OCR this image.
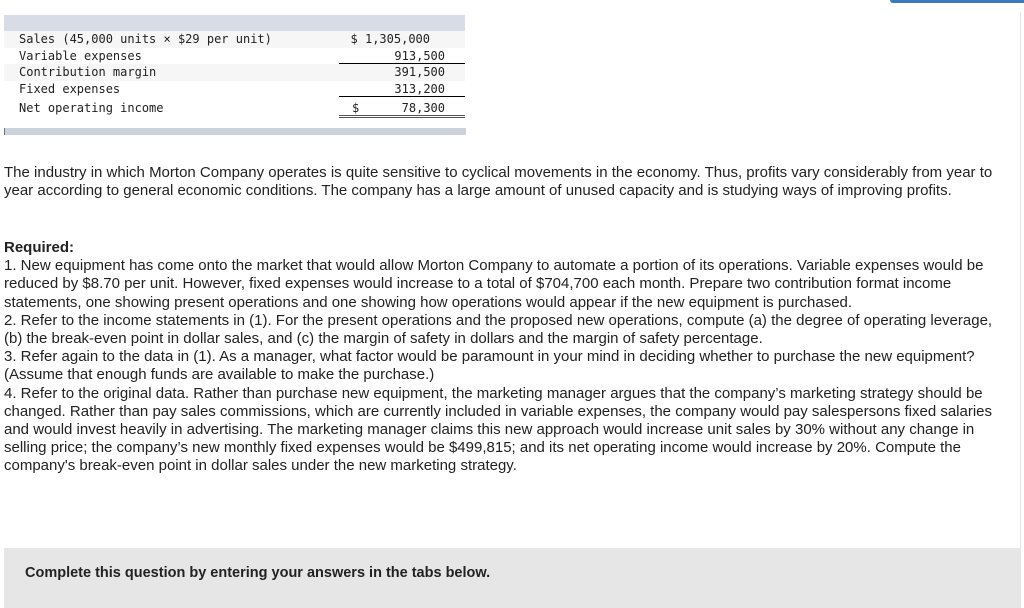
Sales (45,000 units × $29 per unit)	$ 1,305,000
Variable expenses	913,500
Contribution margin	391,500
Fixed expenses	313,200
Net operating income	$	78,300
The industry in which Morton Company operates is quite sensitive to cyclical movements in the economy. Thus, profits vary considerably from year to year according to general economic conditions. The company has a large amount of unused capacity and is studying ways of improving profits.
Required:
1. New equipment has come onto the market that would allow Morton Company to automate a portion of its operations. Variable expenses would be reduced by $8.70 per unit. However, fixed expenses would increase to a total of $704,700 each month. Prepare two contribution format income statements, one showing present operations and one showing how operations would appear if the new equipment is purchased.
2. Refer to the income statements in (1). For the present operations and the proposed new operations, compute (a) the degree of operating leverage, (b) the break-even point in dollar sales, and (c) the margin of safety in dollars and the margin of safety percentage.
3. Refer again to the data in (1). As a manager, what factor would be paramount in your mind in deciding whether to purchase the new equipment? (Assume that enough funds are available to make the purchase.)
4. Refer to the original data. Rather than purchase new equipment, the marketing manager argues that the company’s marketing strategy should be changed. Rather than pay sales commissions, which are currently included in variable expenses, the company would pay salespersons fixed salaries and would invest heavily in advertising. The marketing manager claims this new approach would increase unit sales by 30% without any change in selling price; the company’s new monthly fixed expenses would be $499,815; and its net operating income would increase by 20%. Compute the company's break-even point in dollar sales under the new marketing strategy.
Complete this question by entering your answers in the tabs below.
